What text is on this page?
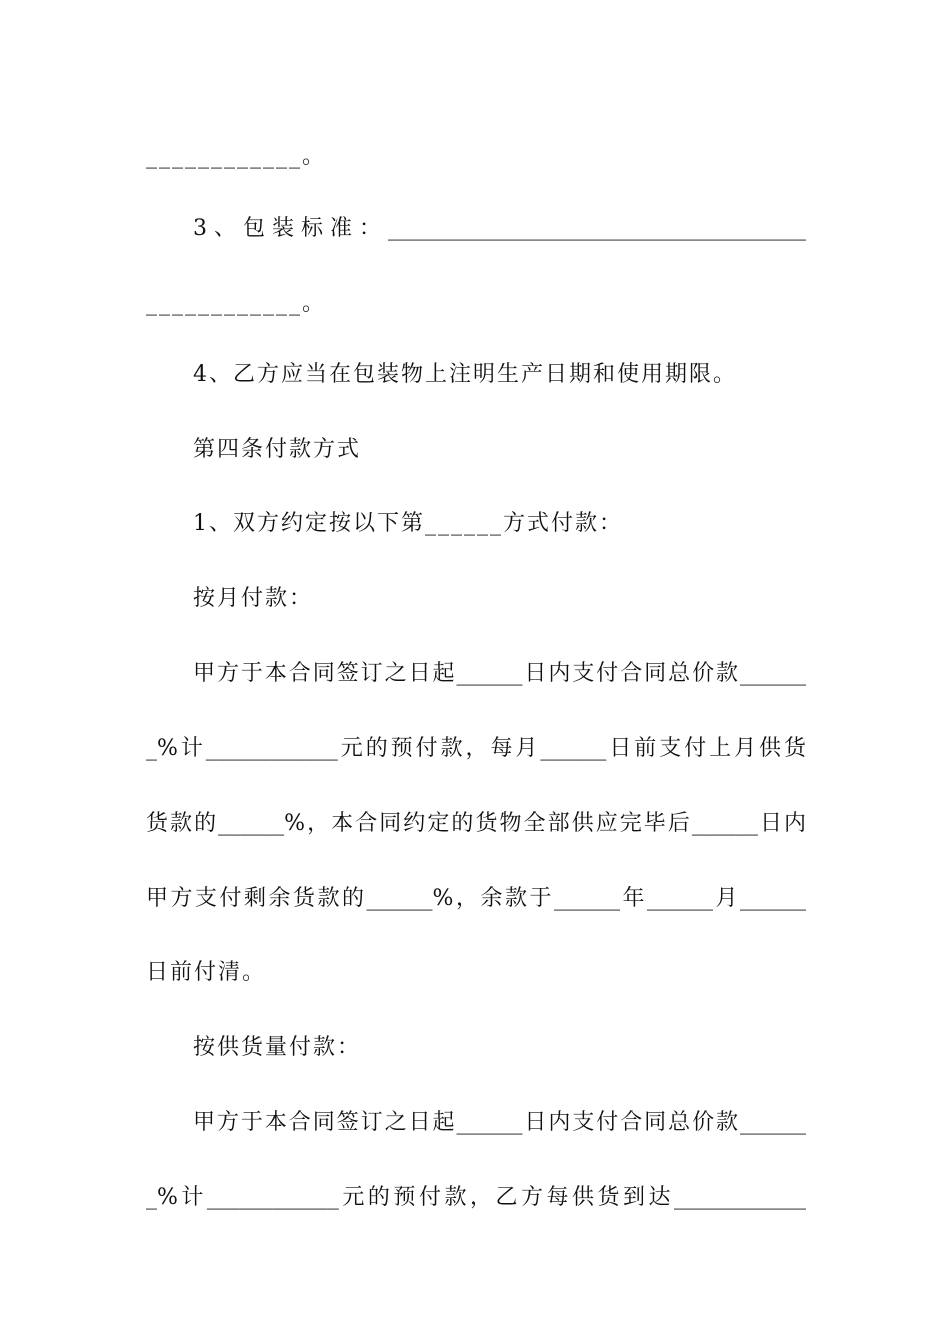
____________。
3、包装标准：______________________________________
____________。
4、乙方应当在包装物上注明生产日期和使用期限。
第四条付款方式
1、双方约定按以下第______方式付款：
按月付款：
甲方于本合同签订之日起______日内支付合同总价款______
_%计____________元的预付款，每月______日前支付上月供货
货款的______%，本合同约定的货物全部供应完毕后______日内
甲方支付剩余货款的______%，余款于______年______月______
日前付清。
按供货量付款：
甲方于本合同签订之日起______日内支付合同总价款______
_%计____________元的预付款，乙方每供货到达____________
